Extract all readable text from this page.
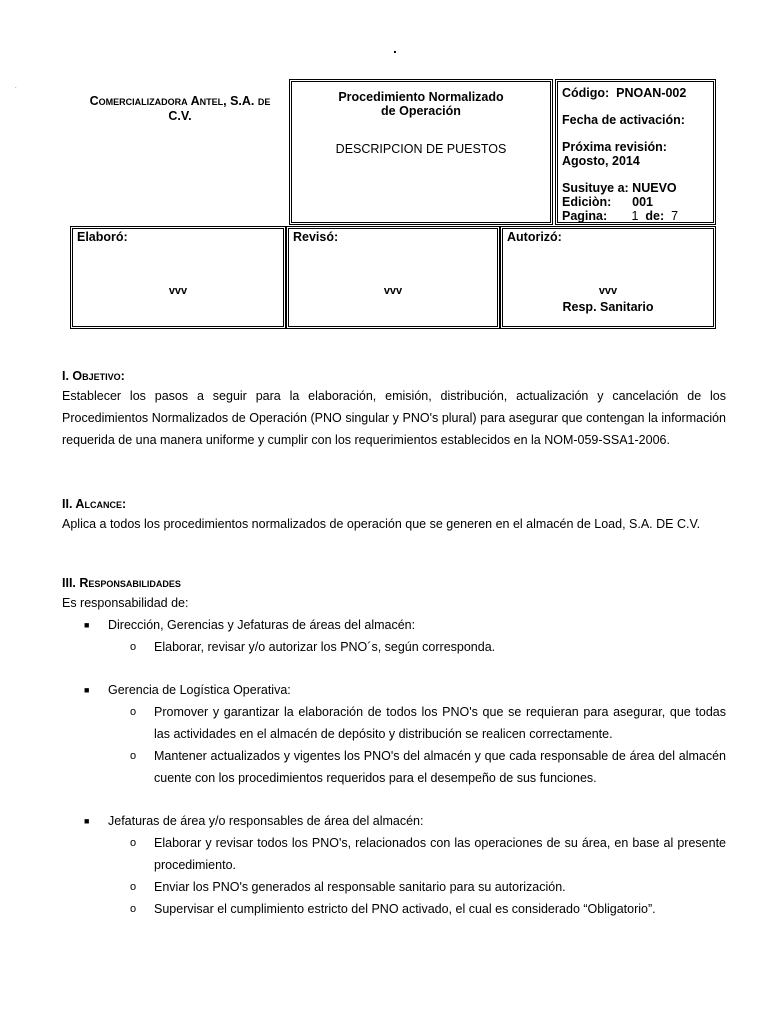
.
.
Comercializadora Antel, S.A. de
C.V.
Procedimiento Normalizado
de Operación
DESCRIPCION DE PUESTOS
Código: PNOAN-002
Fecha de activación:
Próxima revisión:
Agosto, 2014
Susituye a: NUEVO
Ediciòn: 001
Pagina: 1 de: 7
Elaboró:
vvv
Revisó:
vvv
Autorizó:
vvv
Resp. Sanitario
I. Objetivo:
Establecer los pasos a seguir para la elaboración, emisión, distribución, actualización y cancelación de los Procedimientos Normalizados de Operación (PNO singular y PNO's plural) para asegurar que contengan la información requerida de una manera uniforme y cumplir con los requerimientos establecidos en la NOM-059-SSA1-2006.
II. Alcance:
Aplica a todos los procedimientos normalizados de operación que se generen en el almacén de Load, S.A. DE C.V.
III. Responsabilidades
Es responsabilidad de:
■ Dirección, Gerencias y Jefaturas de áreas del almacén:
o Elaborar, revisar y/o autorizar los PNO´s, según corresponda.
■ Gerencia de Logística Operativa:
o Promover y garantizar la elaboración de todos los PNO's que se requieran para asegurar, que todas las actividades en el almacén de depósito y distribución se realicen correctamente.
o Mantener actualizados y vigentes los PNO's del almacén y que cada responsable de área del almacén cuente con los procedimientos requeridos para el desempeño de sus funciones.
■ Jefaturas de área y/o responsables de área del almacén:
o Elaborar y revisar todos los PNO's, relacionados con las operaciones de su área, en base al presente procedimiento.
o Enviar los PNO's generados al responsable sanitario para su autorización.
o Supervisar el cumplimiento estricto del PNO activado, el cual es considerado “Obligatorio”.
